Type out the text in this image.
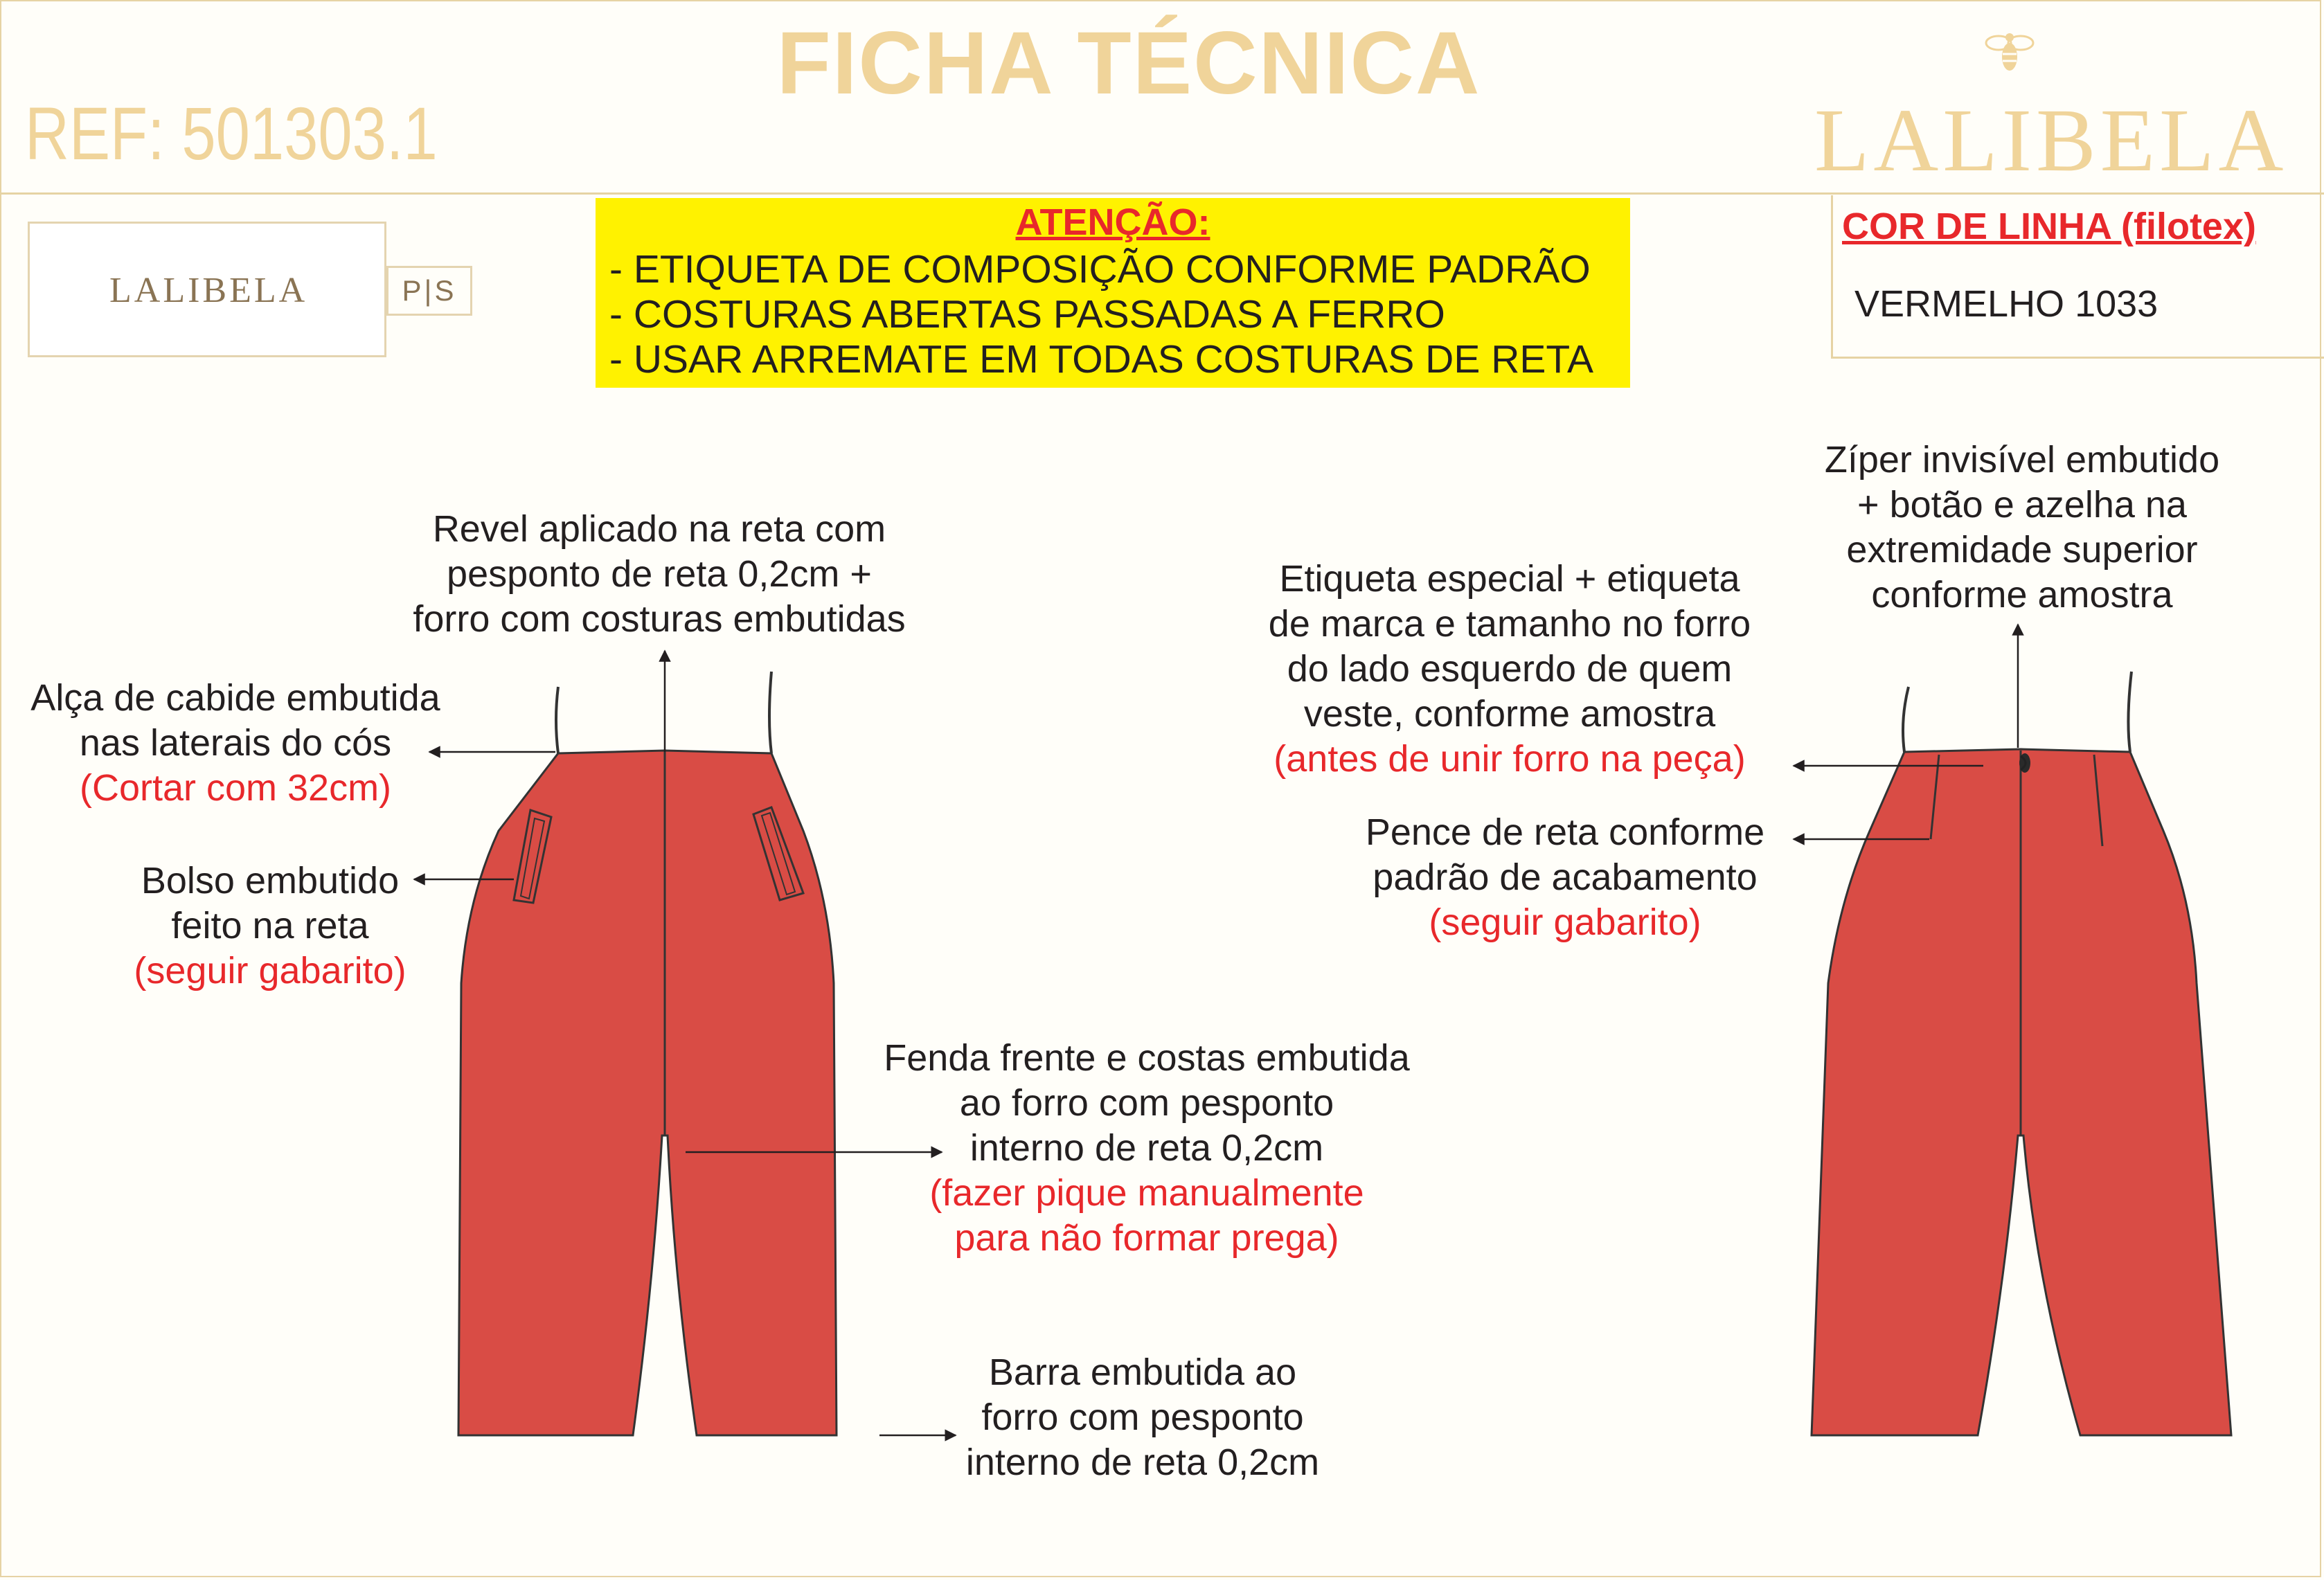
FICHA TÉCNICA
REF: 501303.1	LALIBELA
LALIBELA	P|S
ATENÇÃO:
- ETIQUETA DE COMPOSIÇÃO CONFORME PADRÃO
- COSTURAS ABERTAS PASSADAS A FERRO
- USAR ARREMATE EM TODAS COSTURAS DE RETA
COR DE LINHA (filotex)
VERMELHO 1033
Revel aplicado na reta com
pesponto de reta 0,2cm +
forro com costuras embutidas
Alça de cabide embutida
nas laterais do cós
(Cortar com 32cm)
Bolso embutido
feito na reta
(seguir gabarito)
Fenda frente e costas embutida
ao forro com pesponto
interno de reta 0,2cm
(fazer pique manualmente
para não formar prega)
Barra embutida ao
forro com pesponto
interno de reta 0,2cm
Zíper invisível embutido
+ botão e azelha na
extremidade superior
conforme amostra
Etiqueta especial + etiqueta
de marca e tamanho no forro
do lado esquerdo de quem
veste, conforme amostra
(antes de unir forro na peça)
Pence de reta conforme
padrão de acabamento
(seguir gabarito)
